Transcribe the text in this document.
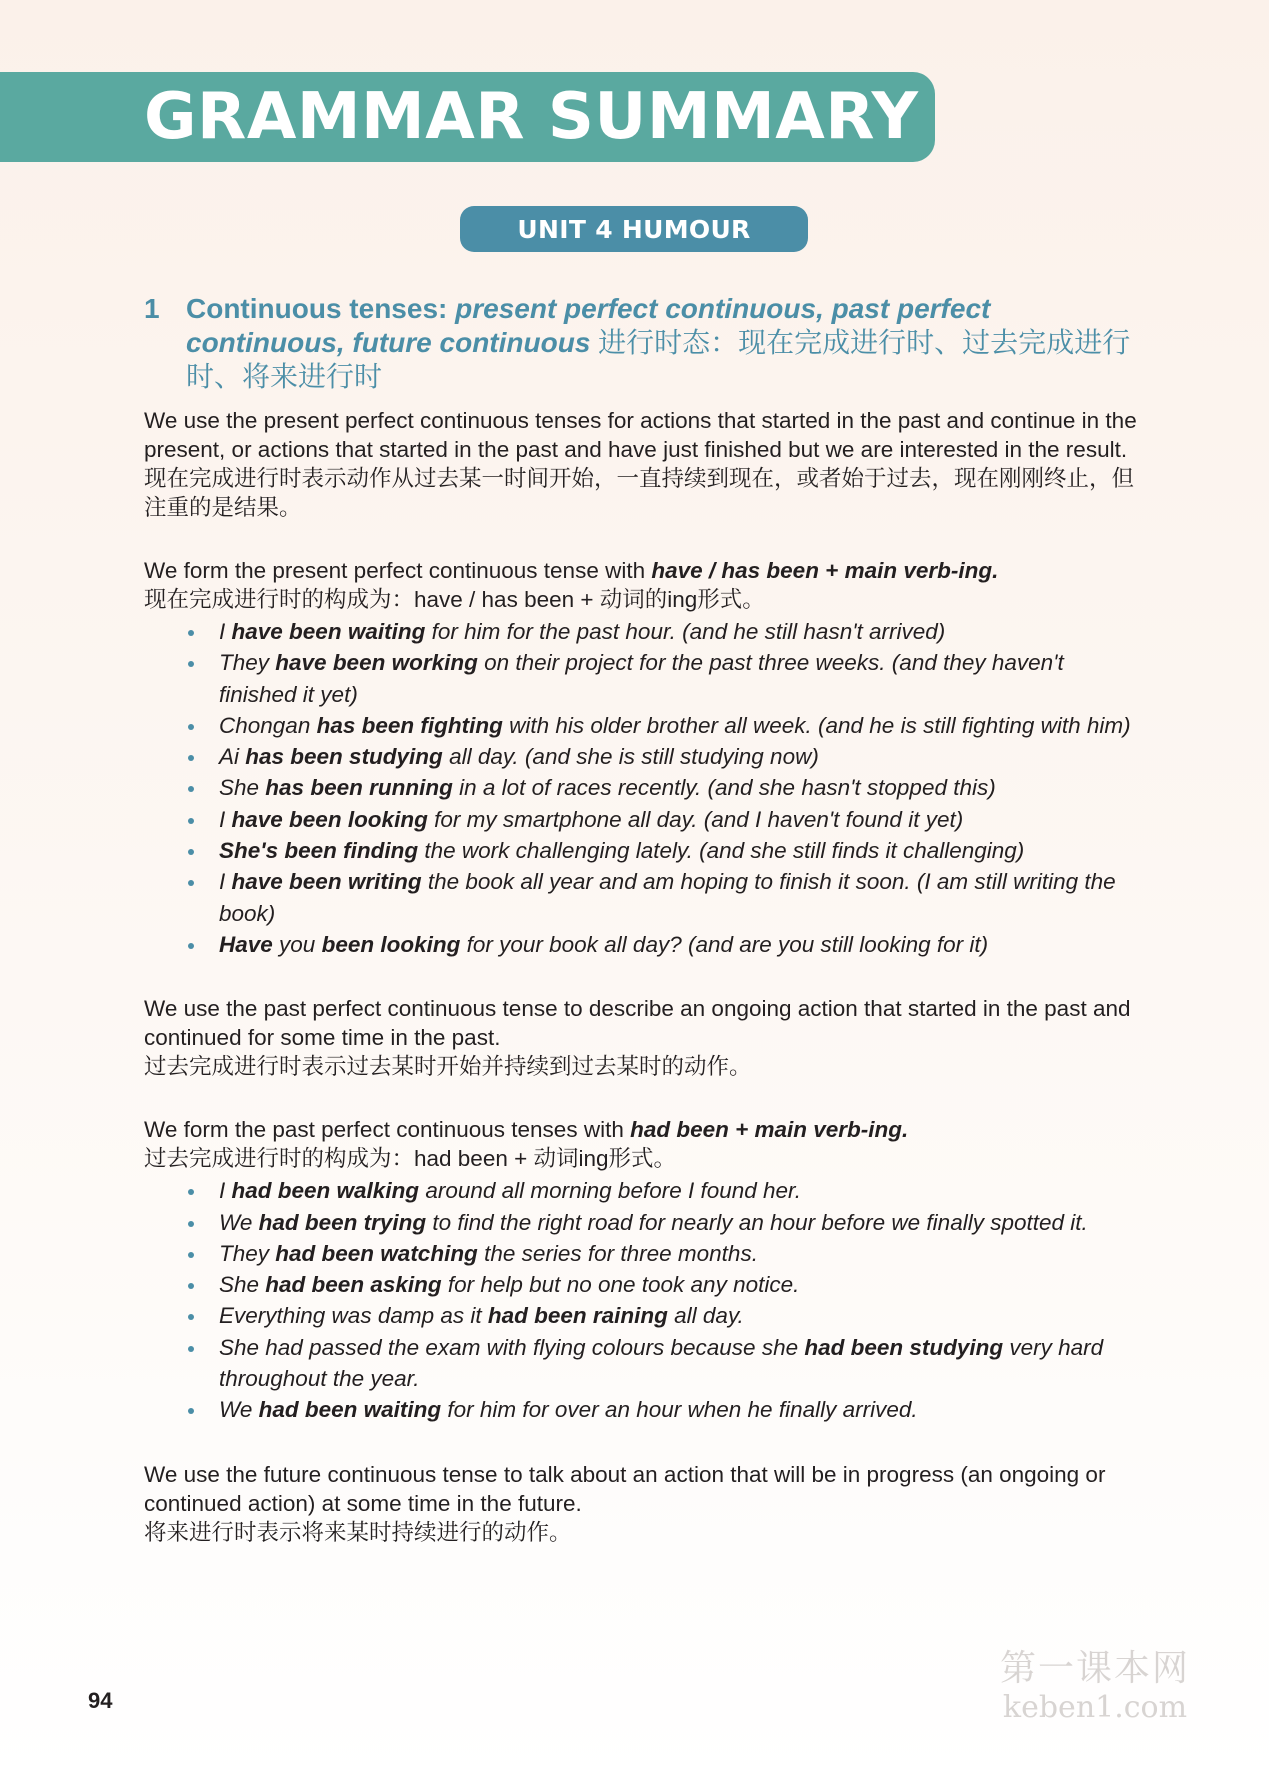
GRAMMAR SUMMARY
UNIT 4 HUMOUR
1 Continuous tenses: present perfect continuous, past perfect continuous, future continuous 进行时态：现在完成进行时、过去完成进行时、将来进行时

We use the present perfect continuous tenses for actions that started in the past and continue in the present, or actions that started in the past and have just finished but we are interested in the result.

现在完成进行时表示动作从过去某一时间开始，一直持续到现在，或者始于过去，现在刚刚终止，但注重的是结果。

We form the present perfect continuous tense with have / has been + main verb-ing.

现在完成进行时的构成为：have / has been + 动词的ing形式。

I have been waiting for him for the past hour. (and he still hasn't arrived)
They have been working on their project for the past three weeks. (and they haven't finished it yet)
Chongan has been fighting with his older brother all week. (and he is still fighting with him)
Ai has been studying all day. (and she is still studying now)
She has been running in a lot of races recently. (and she hasn't stopped this)
I have been looking for my smartphone all day. (and I haven't found it yet)
She's been finding the work challenging lately. (and she still finds it challenging)
I have been writing the book all year and am hoping to finish it soon. (I am still writing the book)
Have you been looking for your book all day? (and are you still looking for it)

We use the past perfect continuous tense to describe an ongoing action that started in the past and continued for some time in the past.

过去完成进行时表示过去某时开始并持续到过去某时的动作。

We form the past perfect continuous tenses with had been + main verb-ing.

过去完成进行时的构成为：had been + 动词ing形式。

I had been walking around all morning before I found her.
We had been trying to find the right road for nearly an hour before we finally spotted it.
They had been watching the series for three months.
She had been asking for help but no one took any notice.
Everything was damp as it had been raining all day.
She had passed the exam with flying colours because she had been studying very hard throughout the year.
We had been waiting for him for over an hour when he finally arrived.

We use the future continuous tense to talk about an action that will be in progress (an ongoing or continued action) at some time in the future.

将来进行时表示将来某时持续进行的动作。

94
第一课本网
keben1.com
